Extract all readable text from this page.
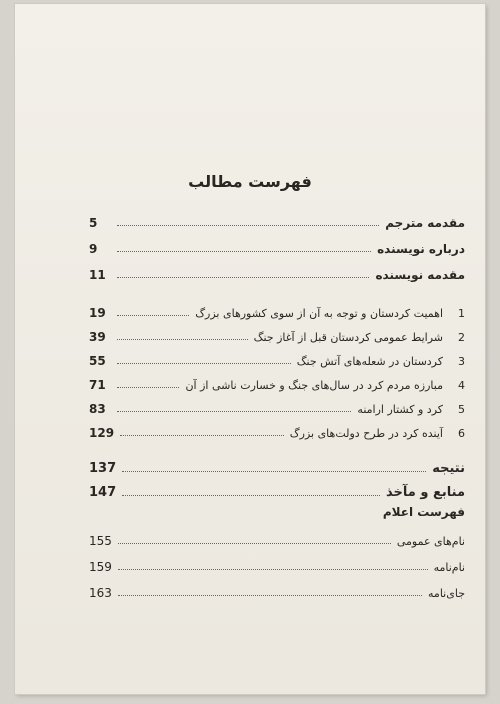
فهرست مطالب
مقدمه مترجم
5
درباره نویسنده
9
مقدمه نویسنده
11
1
اهمیت کردستان و توجه به آن از سوی کشورهای بزرگ
19
2
شرایط عمومی کردستان قبل از آغاز جنگ
39
3
کردستان در شعله‌های آتش جنگ
55
4
مبارزه مردم کرد در سال‌های جنگ و خسارت ناشی از آن
71
5
کرد و کشتار ارامنه
83
6
آینده کرد در طرح دولت‌های بزرگ
129
نتیجه
137
منابع و مآخذ
147
نام‌های عمومی
155
نام‌نامه
159
جای‌نامه
163
فهرست اعلام
